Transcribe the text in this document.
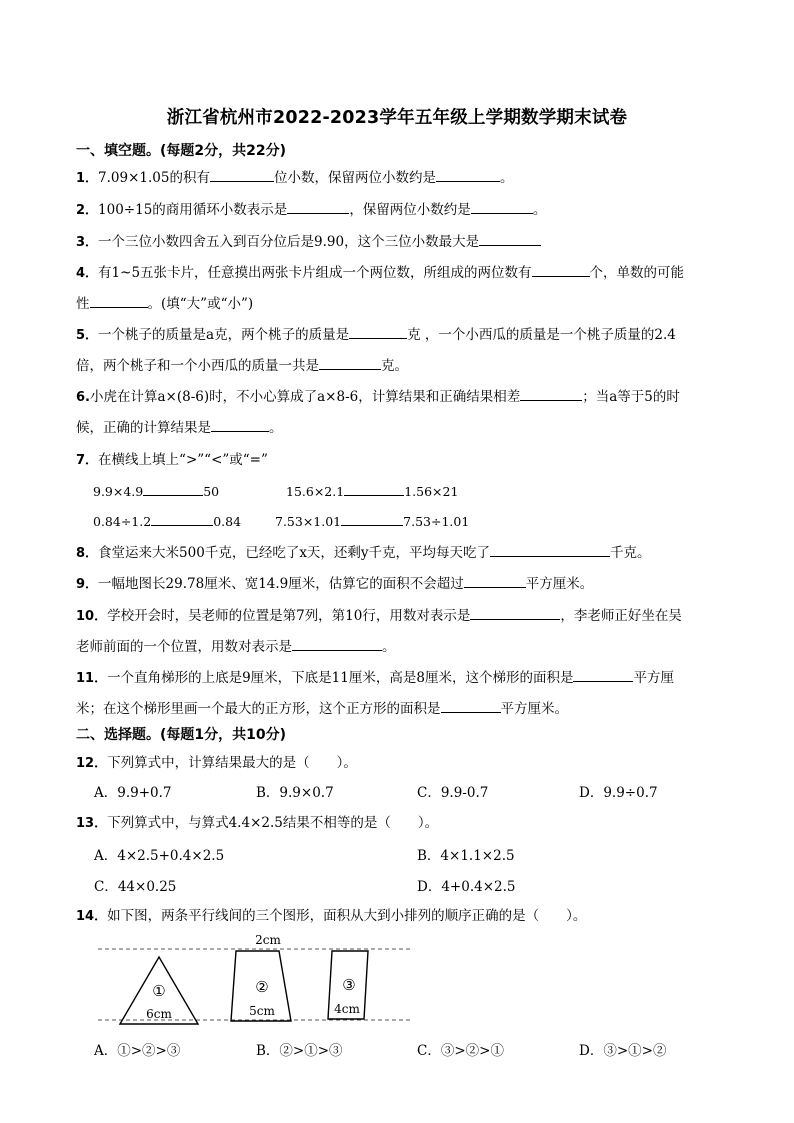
浙江省杭州市2022-2023学年五年级上学期数学期末试卷
一、填空题。(每题2分，共22分)
1．7.09×1.05的积有	位小数，保留两位小数约是	。
2．100÷15的商用循环小数表示是	，保留两位小数约是	。
3．一个三位小数四舍五入到百分位后是9.90，这个三位小数最大是
4．有1~5五张卡片，任意摸出两张卡片组成一个两位数，所组成的两位数有	个，单数的可能
性	。(填“大”或“小”)
5．一个桃子的质量是a克，两个桃子的质量是	克 ，一个小西瓜的质量是一个桃子质量的2.4
倍，两个桃子和一个小西瓜的质量一共是	克。
6.小虎在计算a×(8-6)时，不小心算成了a×8-6，计算结果和正确结果相差	；当a等于5的时
候，正确的计算结果是	。
7．在横线上填上“>”“<”或“=”
9.9×4.9	50	15.6×2.1	1.56×21
0.84÷1.2	0.84	7.53×1.01	7.53÷1.01
8．食堂运来大米500千克，已经吃了x天，还剩y千克，平均每天吃了	千克。
9．一幅地图长29.78厘米、宽14.9厘米，估算它的面积不会超过	平方厘米。
10．学校开会时，吴老师的位置是第7列，第10行，用数对表示是	，李老师正好坐在吴
老师前面的一个位置，用数对表示是	。
11．一个直角梯形的上底是9厘米，下底是11厘米，高是8厘米，这个梯形的面积是	平方厘
米；在这个梯形里画一个最大的正方形，这个正方形的面积是	平方厘米。
二、选择题。(每题1分，共10分)
12．下列算式中，计算结果最大的是（　　）。
A．9.9+0.7	B．9.9×0.7	C．9.9-0.7	D．9.9÷0.7
13．下列算式中，与算式4.4×2.5结果不相等的是（　　）。
A．4×2.5+0.4×2.5	B．4×1.1×2.5
C．44×0.25	D．4+0.4×2.5
14．如下图，两条平行线间的三个图形，面积从大到小排列的顺序正确的是（　　）。
2cm
①
6cm
②
5cm
③
4cm
A．①>②>③	B．②>①>③	C．③>②>①	D．③>①>②
